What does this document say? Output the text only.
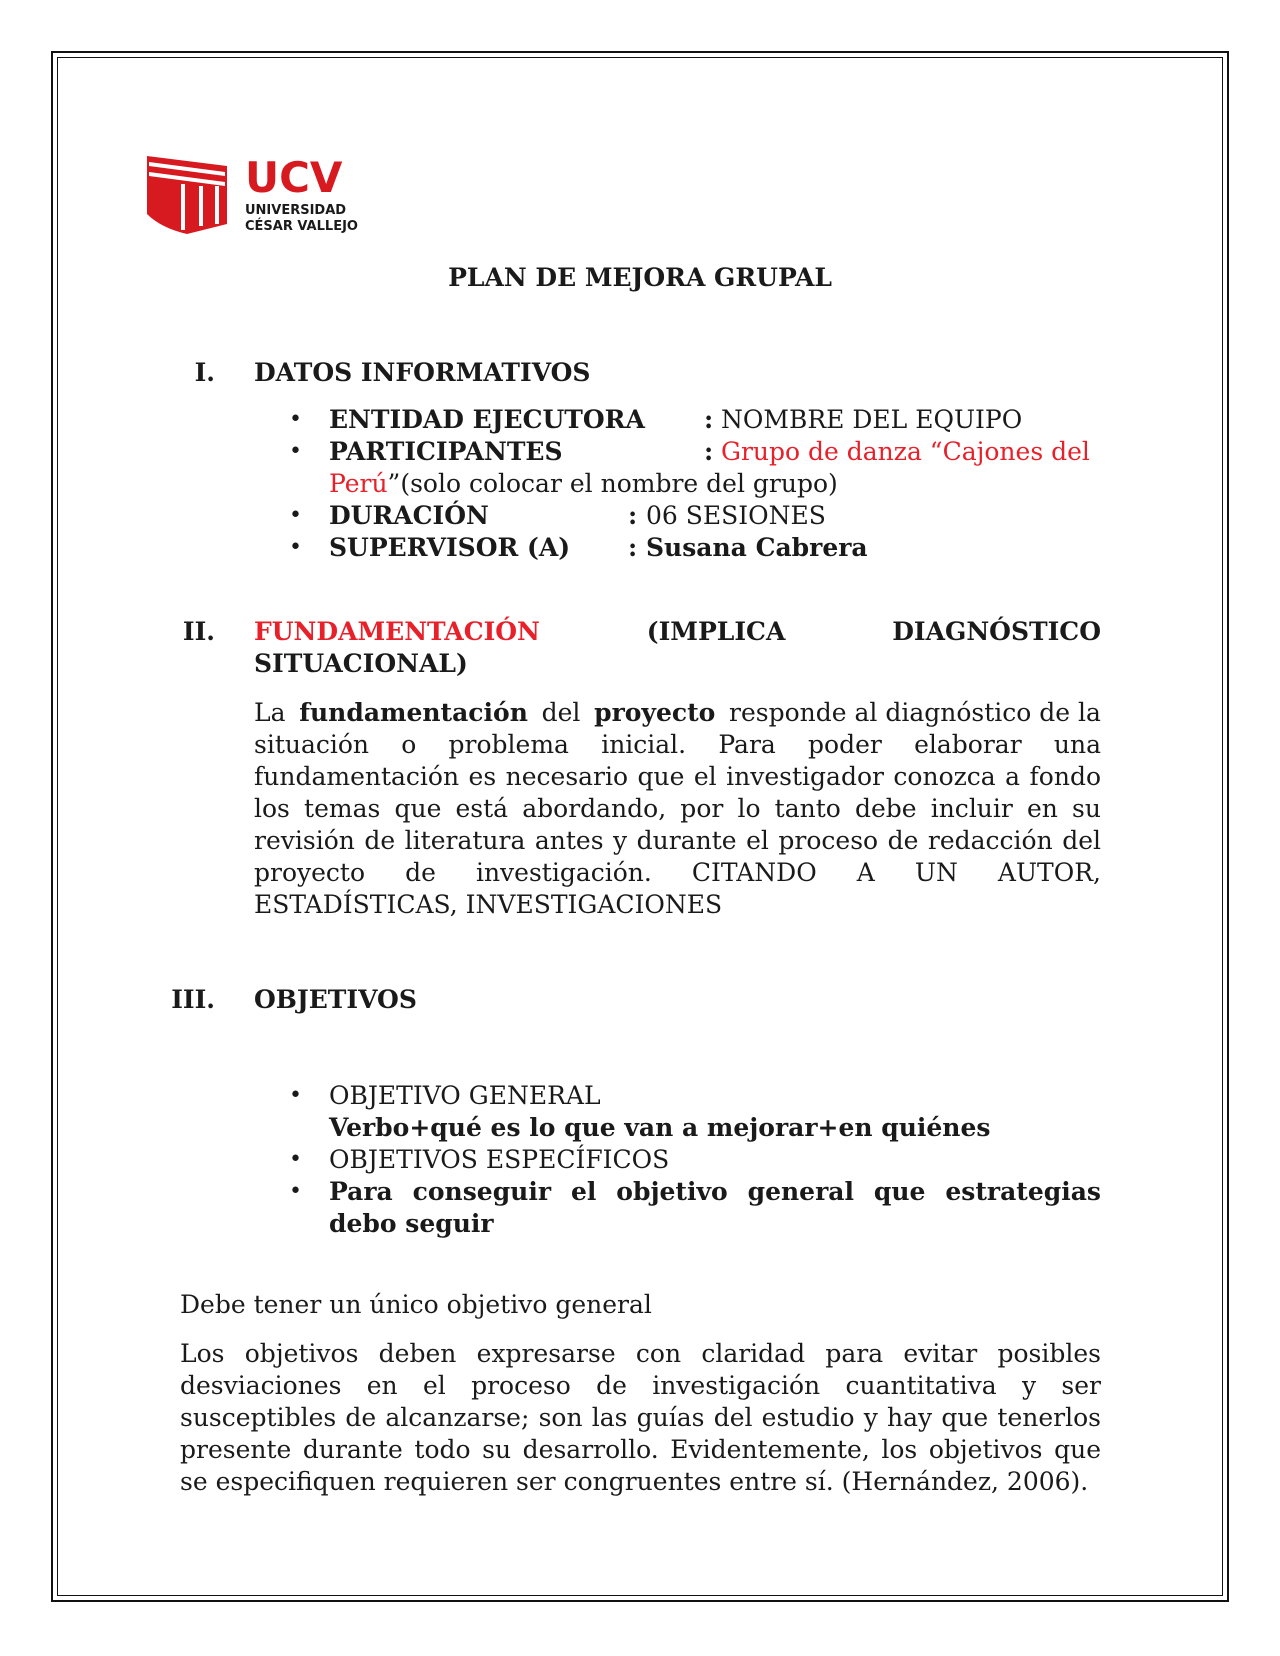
UCV
UNIVERSIDAD
CÉSAR VALLEJO
PLAN DE MEJORA GRUPAL
I. DATOS INFORMATIVOS
• ENTIDAD EJECUTORA : NOMBRE DEL EQUIPO
• PARTICIPANTES	: Grupo de danza “Cajones del
Perú”(solo colocar el nombre del grupo)
• DURACIÓN	: 06 SESIONES
• SUPERVISOR (A) : Susana Cabrera
II. FUNDAMENTACIÓN	(IMPLICA	DIAGNÓSTICO
SITUACIONAL)
La fundamentación del proyecto responde al diagnóstico de la
situación o problema inicial. Para poder elaborar una
fundamentación es necesario que el investigador conozca a fondo
los temas que está abordando, por lo tanto debe incluir en su
revisión de literatura antes y durante el proceso de redacción del
proyecto de investigación. CITANDO A UN AUTOR,
ESTADÍSTICAS, INVESTIGACIONES
III. OBJETIVOS
• OBJETIVO GENERAL
Verbo+qué es lo que van a mejorar+en quiénes
• OBJETIVOS ESPECÍFICOS
• Para conseguir el objetivo general que estrategias
debo seguir
Debe tener un único objetivo general
Los objetivos deben expresarse con claridad para evitar posibles
desviaciones en el proceso de investigación cuantitativa y ser
susceptibles de alcanzarse; son las guías del estudio y hay que tenerlos
presente durante todo su desarrollo. Evidentemente, los objetivos que
se especifiquen requieren ser congruentes entre sí. (Hernández, 2006).
